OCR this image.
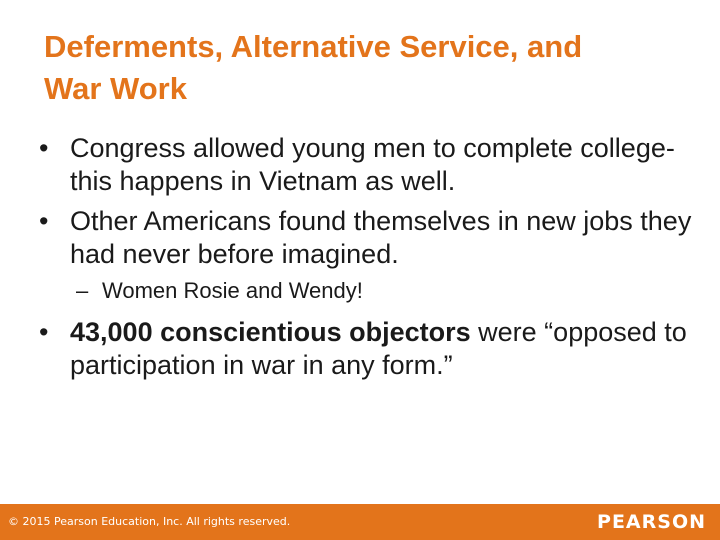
Deferments, Alternative Service, and
War Work
• Congress allowed young men to complete college-this happens in Vietnam as well.
• Other Americans found themselves in new jobs they had never before imagined.
– Women Rosie and Wendy!
• 43,000 conscientious objectors were “opposed to participation in war in any form.”
© 2015 Pearson Education, Inc. All rights reserved.	PEARSON
